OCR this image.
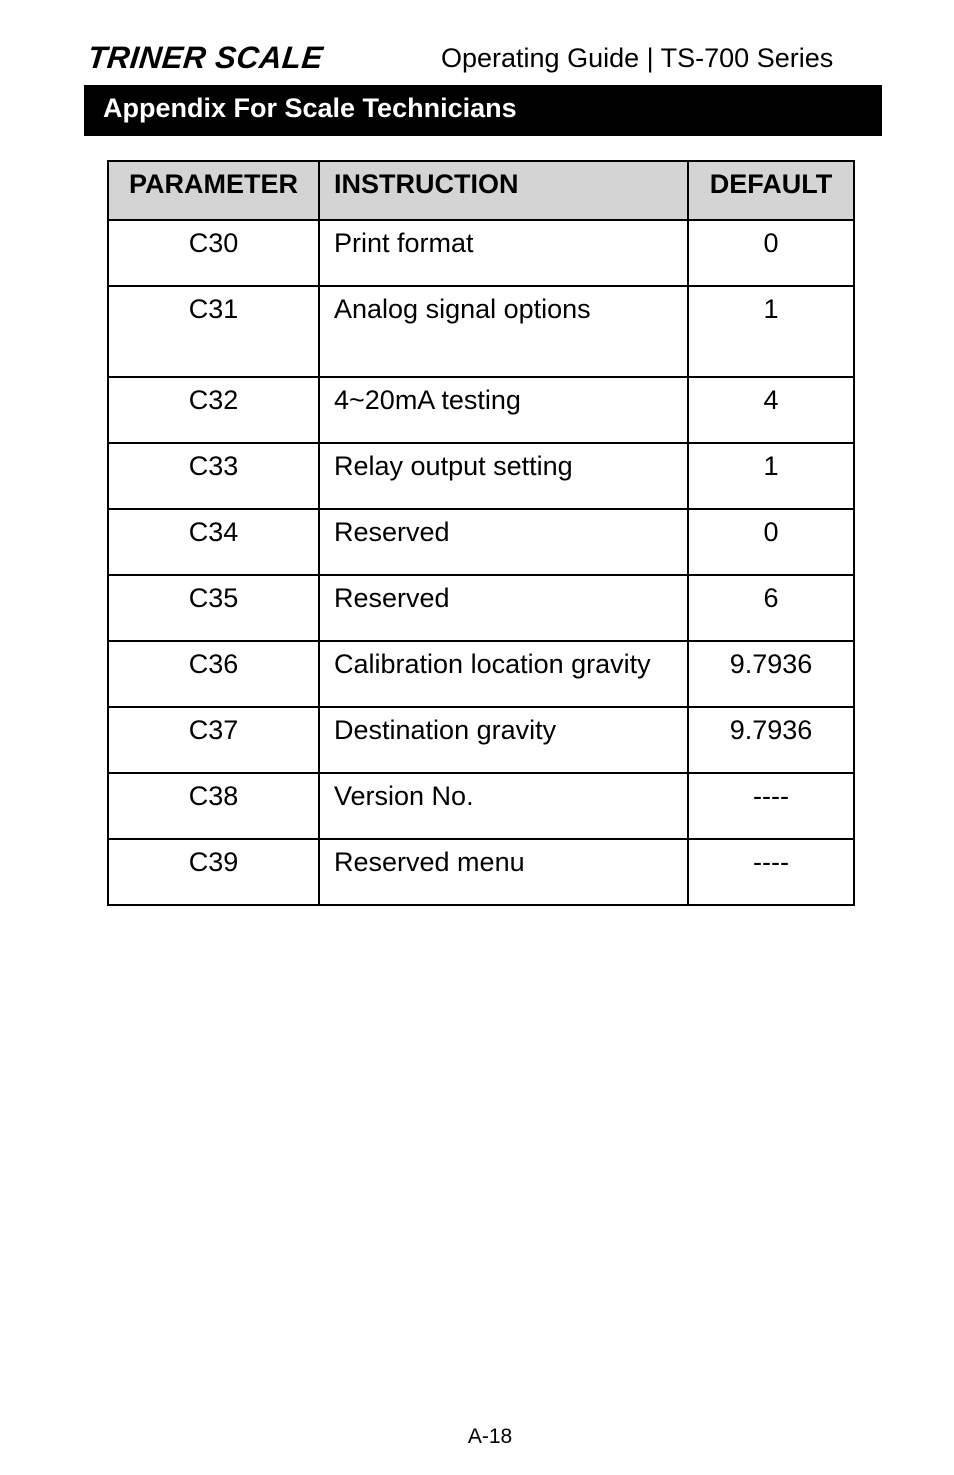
TRINER SCALE	Operating Guide | TS-700 Series
Appendix For Scale Technicians
PARAMETER	INSTRUCTION	DEFAULT
C30	Print format	0
C31	Analog signal options	1
C32	4~20mA testing	4
C33	Relay output setting	1
C34	Reserved	0
C35	Reserved	6
C36	Calibration location gravity	9.7936
C37	Destination gravity	9.7936
C38	Version No.	----
C39	Reserved menu	----
A-18
